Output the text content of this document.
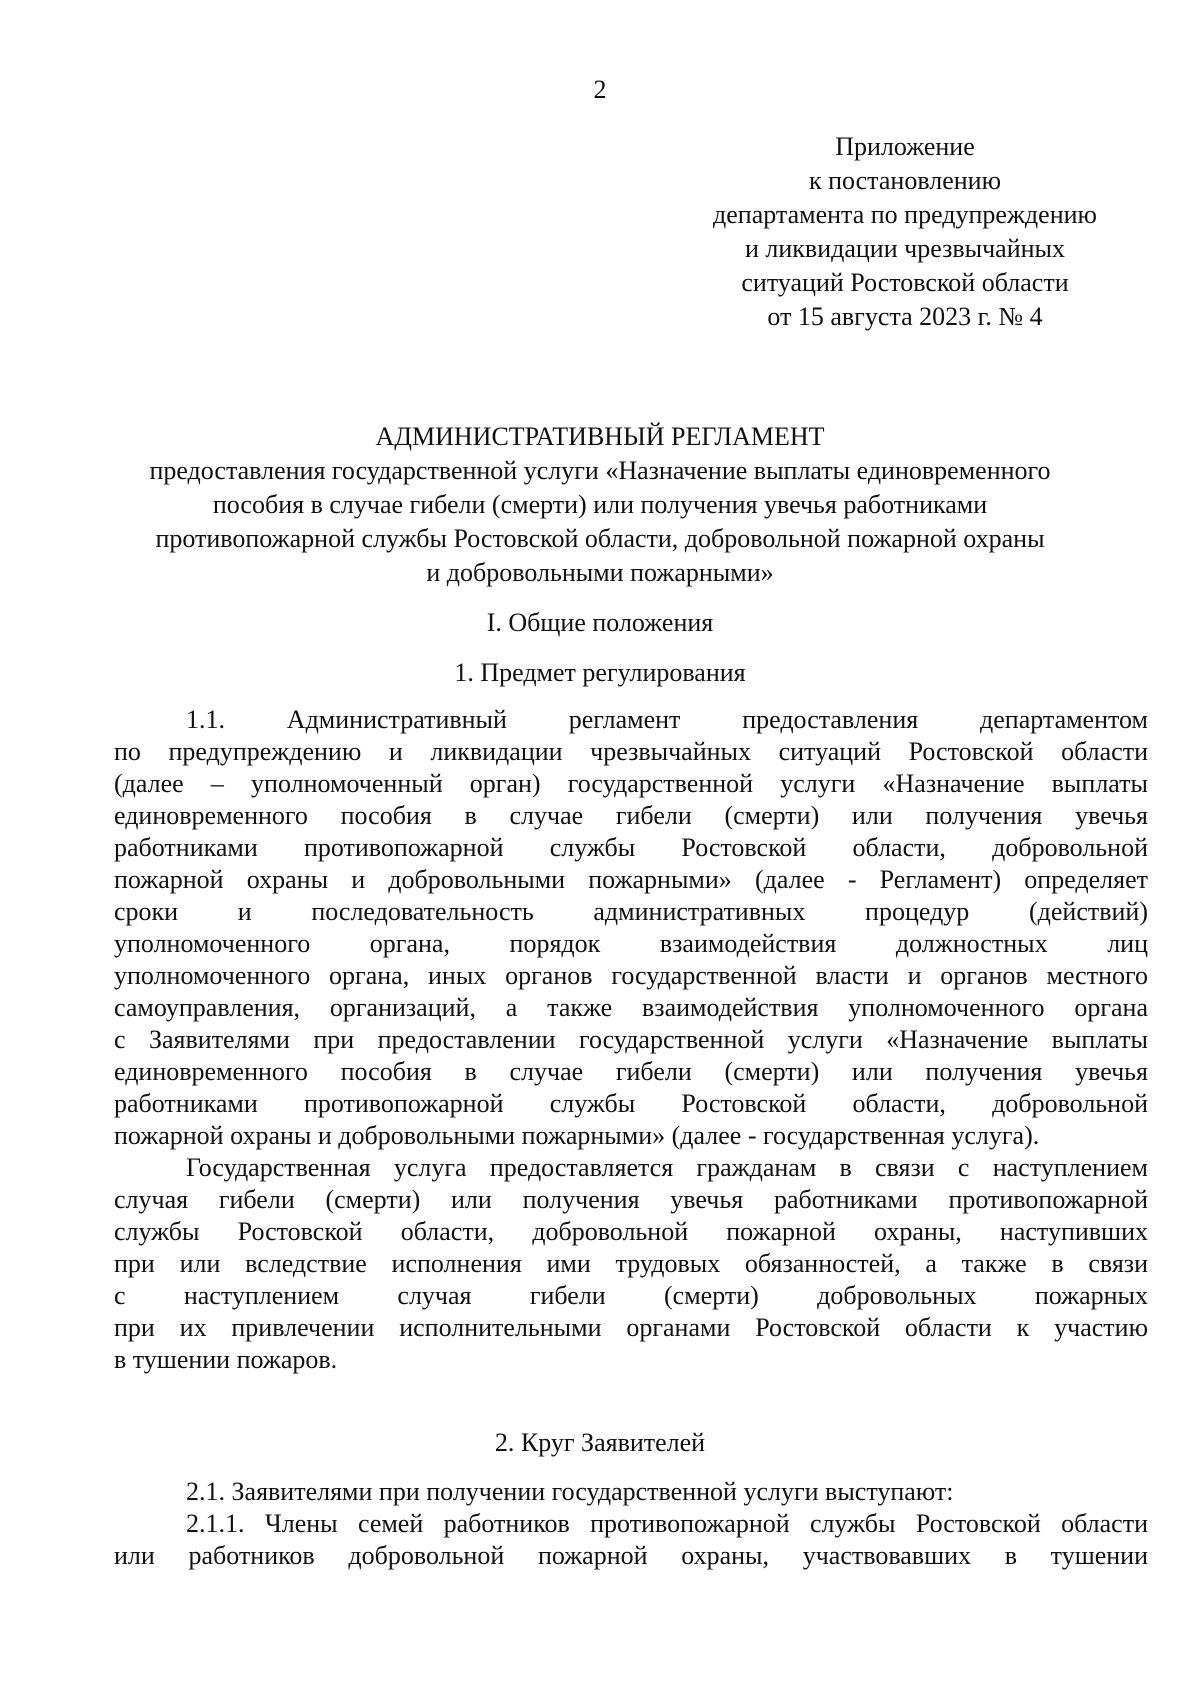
2
Приложение
к постановлению
департамента по предупреждению
и ликвидации чрезвычайных
ситуаций Ростовской области
от 15 августа 2023 г. № 4
АДМИНИСТРАТИВНЫЙ РЕГЛАМЕНТ
предоставления государственной услуги «Назначение выплаты единовременного
пособия в случае гибели (смерти) или получения увечья работниками
противопожарной службы Ростовской области, добровольной пожарной охраны
и добровольными пожарными»
I. Общие положения
1. Предмет регулирования
1.1. Административный регламент предоставления департаментом
по предупреждению и ликвидации чрезвычайных ситуаций Ростовской области
(далее – уполномоченный орган) государственной услуги «Назначение выплаты
единовременного пособия в случае гибели (смерти) или получения увечья
работниками противопожарной службы Ростовской области, добровольной
пожарной охраны и добровольными пожарными» (далее - Регламент) определяет
сроки и последовательность административных процедур (действий)
уполномоченного органа, порядок взаимодействия должностных лиц
уполномоченного органа, иных органов государственной власти и органов местного
самоуправления, организаций, а также взаимодействия уполномоченного органа
с Заявителями при предоставлении государственной услуги «Назначение выплаты
единовременного пособия в случае гибели (смерти) или получения увечья
работниками противопожарной службы Ростовской области, добровольной
пожарной охраны и добровольными пожарными» (далее - государственная услуга).
Государственная услуга предоставляется гражданам в связи с наступлением
случая гибели (смерти) или получения увечья работниками противопожарной
службы Ростовской области, добровольной пожарной охраны, наступивших
при или вследствие исполнения ими трудовых обязанностей, а также в связи
с наступлением случая гибели (смерти) добровольных пожарных
при их привлечении исполнительными органами Ростовской области к участию
в тушении пожаров.
2. Круг Заявителей
2.1. Заявителями при получении государственной услуги выступают:
2.1.1. Члены семей работников противопожарной службы Ростовской области
или работников добровольной пожарной охраны, участвовавших в тушении
